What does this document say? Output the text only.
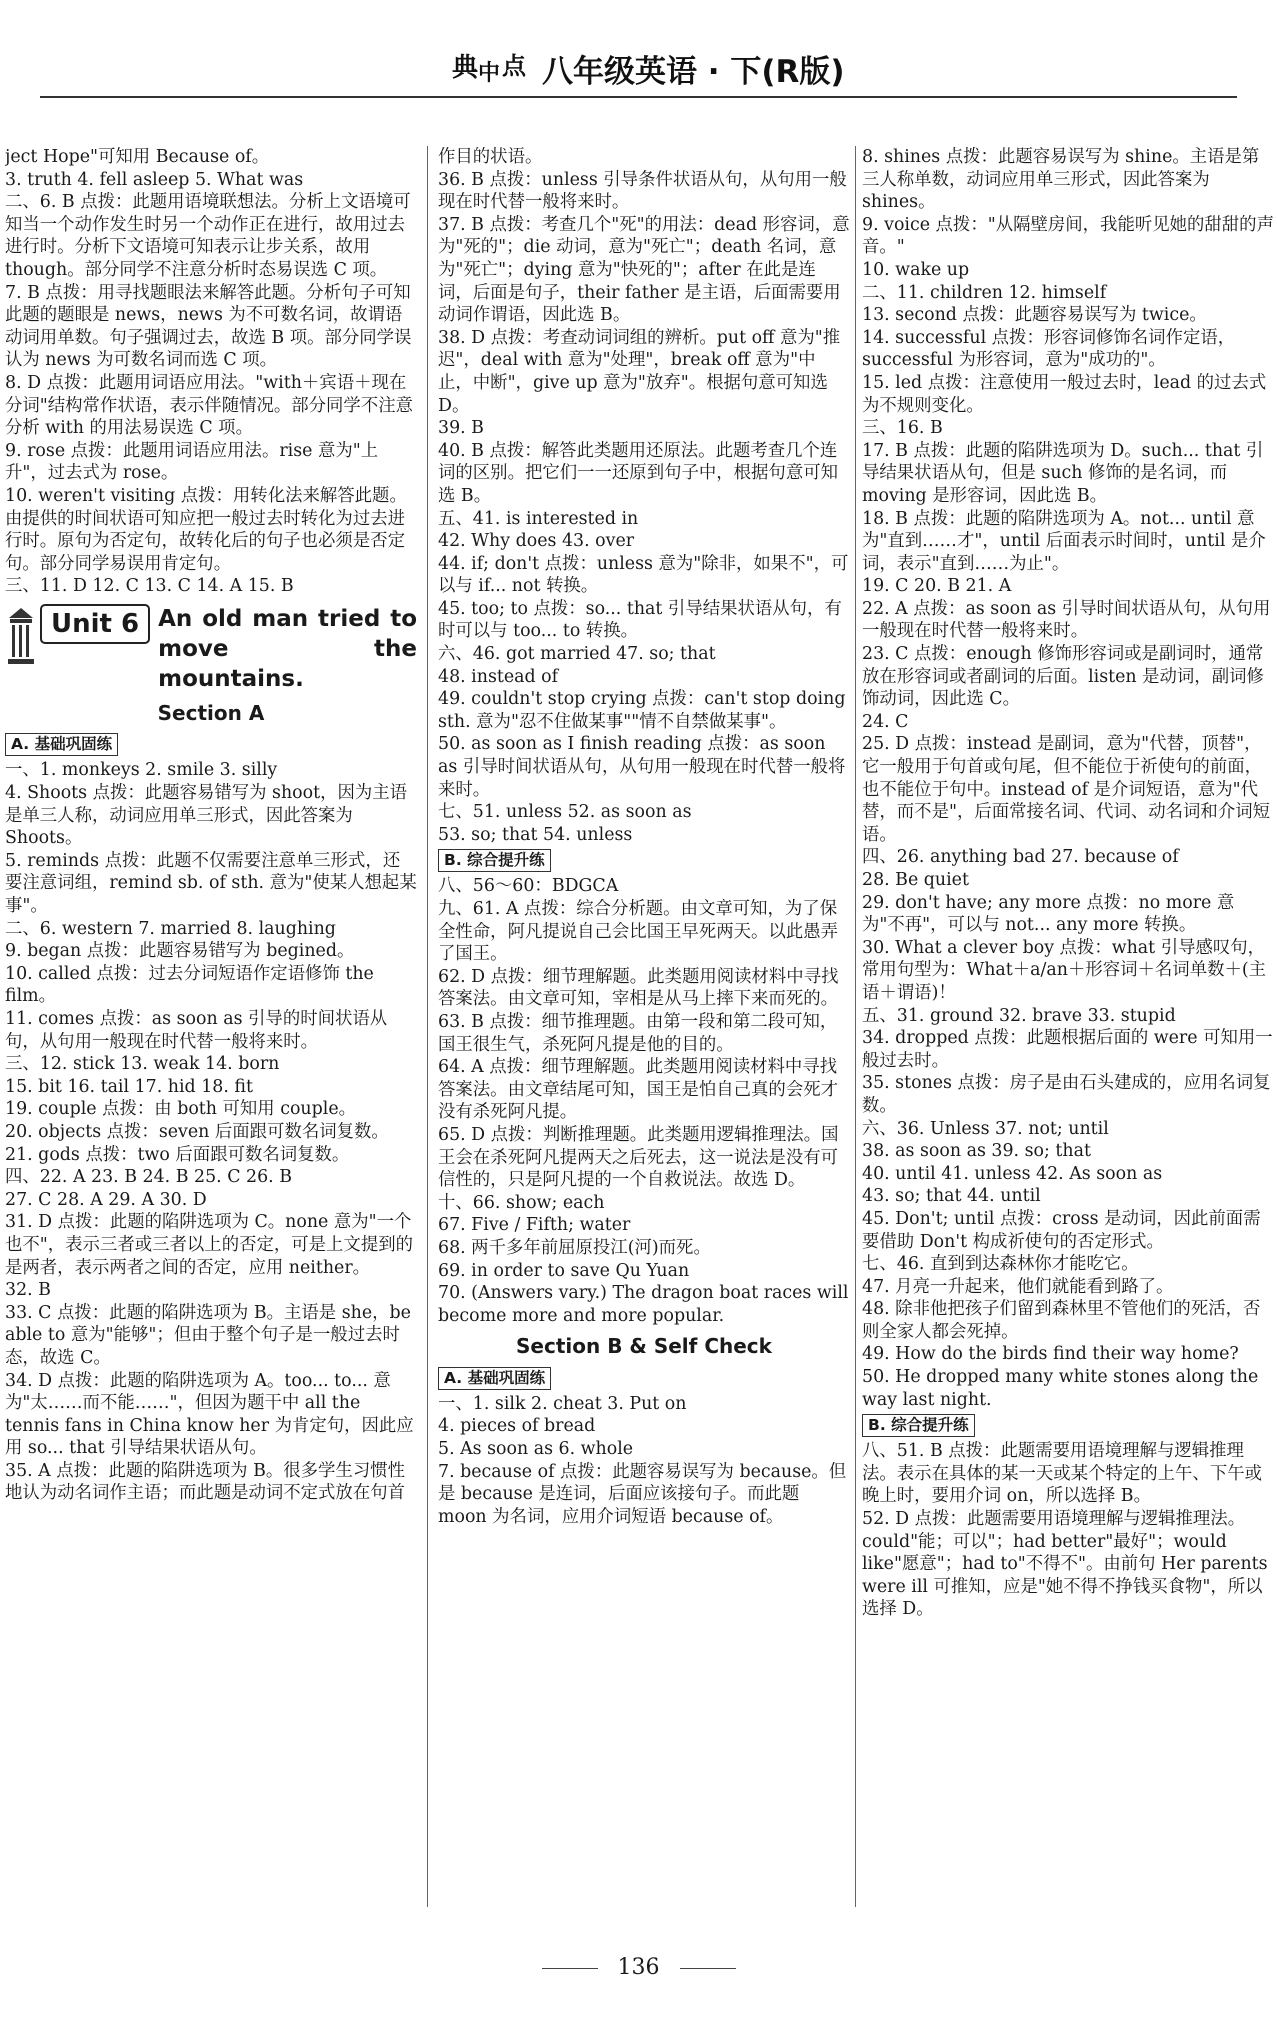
典 中 点 八年级英语 · 下(R版)

ject Hope"可知用 Because of。

3. truth 4. fell asleep 5. What was

二、6. B 点拨：此题用语境联想法。分析上文语境可知当一个动作发生时另一个动作正在进行，故用过去进行时。分析下文语境可知表示让步关系，故用 though。部分同学不注意分析时态易误选 C 项。

7. B 点拨：用寻找题眼法来解答此题。分析句子可知此题的题眼是 news，news 为不可数名词，故谓语动词用单数。句子强调过去，故选 B 项。部分同学误认为 news 为可数名词而选 C 项。

8. D 点拨：此题用词语应用法。"with＋宾语＋现在分词"结构常作状语，表示伴随情况。部分同学不注意分析 with 的用法易误选 C 项。

9. rose 点拨：此题用词语应用法。rise 意为"上升"，过去式为 rose。

10. weren't visiting 点拨：用转化法来解答此题。由提供的时间状语可知应把一般过去时转化为过去进行时。原句为否定句，故转化后的句子也必须是否定句。部分同学易误用肯定句。

三、11. D 12. C 13. C 14. A 15. B

Unit 6 An old man tried to move the mountains.
Section A
A. 基础巩固练

一、1. monkeys 2. smile 3. silly

4. Shoots 点拨：此题容易错写为 shoot，因为主语是单三人称，动词应用单三形式，因此答案为 Shoots。

5. reminds 点拨：此题不仅需要注意单三形式，还要注意词组，remind sb. of sth. 意为"使某人想起某事"。

二、6. western 7. married 8. laughing

9. began 点拨：此题容易错写为 begined。

10. called 点拨：过去分词短语作定语修饰 the film。

11. comes 点拨：as soon as 引导的时间状语从句，从句用一般现在时代替一般将来时。

三、12. stick 13. weak 14. born

15. bit 16. tail 17. hid 18. fit

19. couple 点拨：由 both 可知用 couple。

20. objects 点拨：seven 后面跟可数名词复数。

21. gods 点拨：two 后面跟可数名词复数。

四、22. A 23. B 24. B 25. C 26. B

27. C 28. A 29. A 30. D

31. D 点拨：此题的陷阱选项为 C。none 意为"一个也不"，表示三者或三者以上的否定，可是上文提到的是两者，表示两者之间的否定，应用 neither。

32. B

33. C 点拨：此题的陷阱选项为 B。主语是 she，be able to 意为"能够"；但由于整个句子是一般过去时态，故选 C。

34. D 点拨：此题的陷阱选项为 A。too... to... 意为"太……而不能……"，但因为题干中 all the tennis fans in China know her 为肯定句，因此应用 so... that 引导结果状语从句。

35. A 点拨：此题的陷阱选项为 B。很多学生习惯性地认为动名词作主语；而此题是动词不定式放在句首

作目的状语。

36. B 点拨：unless 引导条件状语从句，从句用一般现在时代替一般将来时。

37. B 点拨：考查几个"死"的用法：dead 形容词，意为"死的"；die 动词，意为"死亡"；death 名词，意为"死亡"；dying 意为"快死的"；after 在此是连词，后面是句子，their father 是主语，后面需要用动词作谓语，因此选 B。

38. D 点拨：考查动词词组的辨析。put off 意为"推迟"，deal with 意为"处理"，break off 意为"中止，中断"，give up 意为"放弃"。根据句意可知选 D。

39. B

40. B 点拨：解答此类题用还原法。此题考查几个连词的区别。把它们一一还原到句子中，根据句意可知选 B。

五、41. is interested in

42. Why does 43. over

44. if; don't 点拨：unless 意为"除非，如果不"，可以与 if... not 转换。

45. too; to 点拨：so... that 引导结果状语从句，有时可以与 too... to 转换。

六、46. got married 47. so; that

48. instead of

49. couldn't stop crying 点拨：can't stop doing sth. 意为"忍不住做某事""情不自禁做某事"。

50. as soon as I finish reading 点拨：as soon as 引导时间状语从句，从句用一般现在时代替一般将来时。

七、51. unless 52. as soon as

53. so; that 54. unless

B. 综合提升练

八、56～60：BDGCA

九、61. A 点拨：综合分析题。由文章可知，为了保全性命，阿凡提说自己会比国王早死两天。以此愚弄了国王。

62. D 点拨：细节理解题。此类题用阅读材料中寻找答案法。由文章可知，宰相是从马上摔下来而死的。

63. B 点拨：细节推理题。由第一段和第二段可知，国王很生气，杀死阿凡提是他的目的。

64. A 点拨：细节理解题。此类题用阅读材料中寻找答案法。由文章结尾可知，国王是怕自己真的会死才没有杀死阿凡提。

65. D 点拨：判断推理题。此类题用逻辑推理法。国王会在杀死阿凡提两天之后死去，这一说法是没有可信性的，只是阿凡提的一个自救说法。故选 D。

十、66. show; each

67. Five / Fifth; water

68. 两千多年前屈原投江(河)而死。

69. in order to save Qu Yuan

70. (Answers vary.) The dragon boat races will become more and more popular.

Section B & Self Check
A. 基础巩固练

一、1. silk 2. cheat 3. Put on

4. pieces of bread

5. As soon as 6. whole

7. because of 点拨：此题容易误写为 because。但是 because 是连词，后面应该接句子。而此题 moon 为名词，应用介词短语 because of。

8. shines 点拨：此题容易误写为 shine。主语是第三人称单数，动词应用单三形式，因此答案为 shines。

9. voice 点拨："从隔壁房间，我能听见她的甜甜的声音。"

10. wake up

二、11. children 12. himself

13. second 点拨：此题容易误写为 twice。

14. successful 点拨：形容词修饰名词作定语，successful 为形容词，意为"成功的"。

15. led 点拨：注意使用一般过去时，lead 的过去式为不规则变化。

三、16. B

17. B 点拨：此题的陷阱选项为 D。such... that 引导结果状语从句，但是 such 修饰的是名词，而 moving 是形容词，因此选 B。

18. B 点拨：此题的陷阱选项为 A。not... until 意为"直到……才"，until 后面表示时间时，until 是介词，表示"直到……为止"。

19. C 20. B 21. A

22. A 点拨：as soon as 引导时间状语从句，从句用一般现在时代替一般将来时。

23. C 点拨：enough 修饰形容词或是副词时，通常放在形容词或者副词的后面。listen 是动词，副词修饰动词，因此选 C。

24. C

25. D 点拨：instead 是副词，意为"代替，顶替"，它一般用于句首或句尾，但不能位于祈使句的前面，也不能位于句中。instead of 是介词短语，意为"代替，而不是"，后面常接名词、代词、动名词和介词短语。

四、26. anything bad 27. because of

28. Be quiet

29. don't have; any more 点拨：no more 意为"不再"，可以与 not... any more 转换。

30. What a clever boy 点拨：what 引导感叹句，常用句型为：What＋a/an＋形容词＋名词单数＋(主语＋谓语)！

五、31. ground 32. brave 33. stupid

34. dropped 点拨：此题根据后面的 were 可知用一般过去时。

35. stones 点拨：房子是由石头建成的，应用名词复数。

六、36. Unless 37. not; until

38. as soon as 39. so; that

40. until 41. unless 42. As soon as

43. so; that 44. until

45. Don't; until 点拨：cross 是动词，因此前面需要借助 Don't 构成祈使句的否定形式。

七、46. 直到到达森林你才能吃它。

47. 月亮一升起来，他们就能看到路了。

48. 除非他把孩子们留到森林里不管他们的死活，否则全家人都会死掉。

49. How do the birds find their way home?

50. He dropped many white stones along the way last night.

B. 综合提升练

八、51. B 点拨：此题需要用语境理解与逻辑推理法。表示在具体的某一天或某个特定的上午、下午或晚上时，要用介词 on，所以选择 B。

52. D 点拨：此题需要用语境理解与逻辑推理法。could"能；可以"；had better"最好"；would like"愿意"；had to"不得不"。由前句 Her parents were ill 可推知，应是"她不得不挣钱买食物"，所以选择 D。

136
